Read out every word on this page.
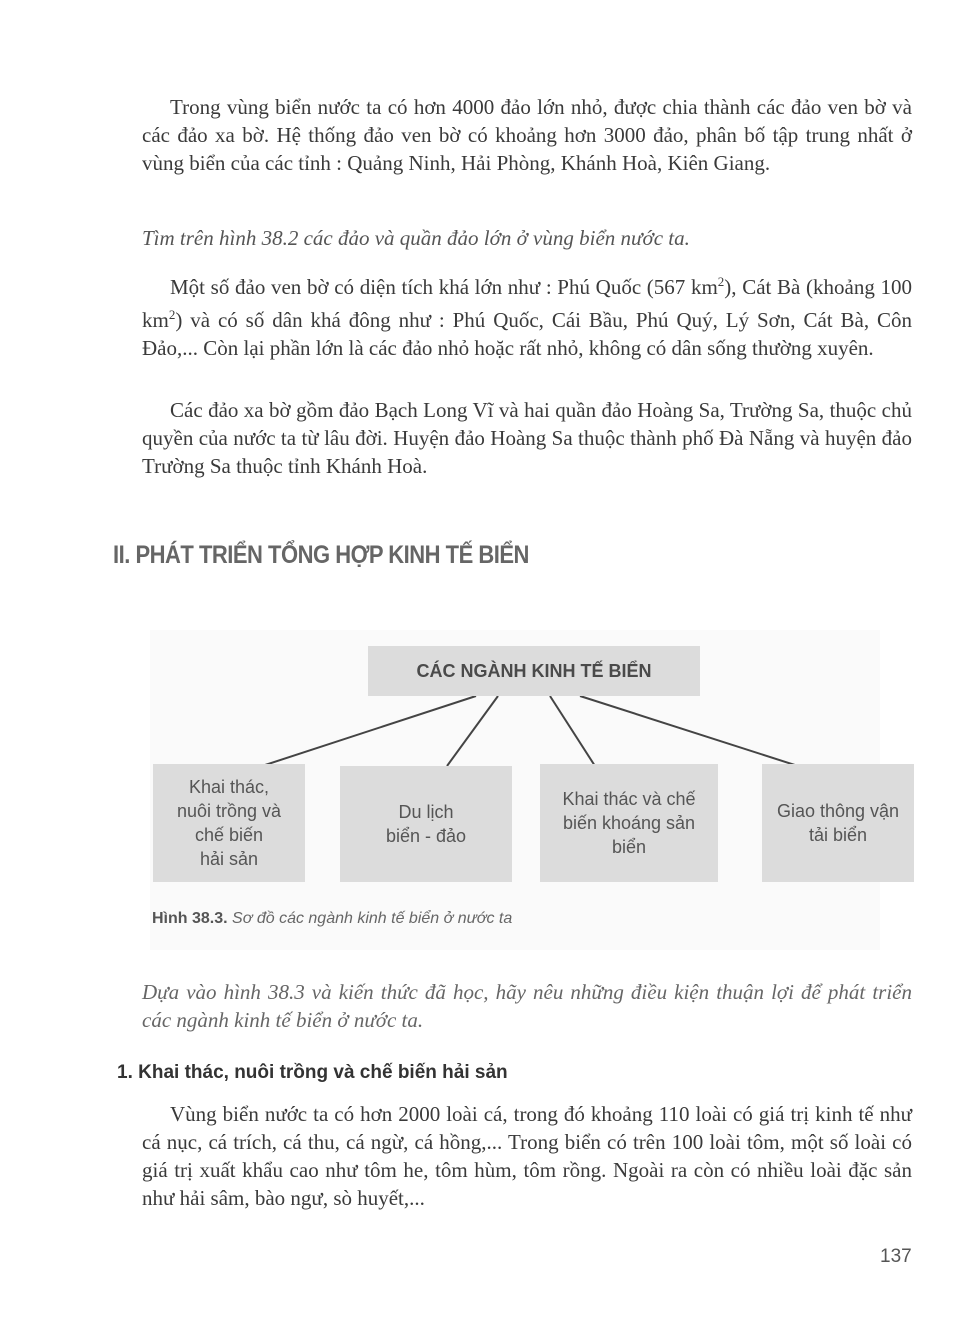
Trong vùng biển nước ta có hơn 4000 đảo lớn nhỏ, được chia thành các đảo ven bờ và các đảo xa bờ. Hệ thống đảo ven bờ có khoảng hơn 3000 đảo, phân bố tập trung nhất ở vùng biển của các tỉnh : Quảng Ninh, Hải Phòng, Khánh Hoà, Kiên Giang.

Tìm trên hình 38.2 các đảo và quần đảo lớn ở vùng biển nước ta.

Một số đảo ven bờ có diện tích khá lớn như : Phú Quốc (567 $km^2$), Cát Bà (khoảng 100 $km^2$) và có số dân khá đông như : Phú Quốc, Cái Bầu, Phú Quý, Lý Sơn, Cát Bà, Côn Đảo,... Còn lại phần lớn là các đảo nhỏ hoặc rất nhỏ, không có dân sống thường xuyên.

Các đảo xa bờ gồm đảo Bạch Long Vĩ và hai quần đảo Hoàng Sa, Trường Sa, thuộc chủ quyền của nước ta từ lâu đời. Huyện đảo Hoàng Sa thuộc thành phố Đà Nẵng và huyện đảo Trường Sa thuộc tỉnh Khánh Hoà.

II. PHÁT TRIỂN TỔNG HỢP KINH TẾ BIỂN
CÁC NGÀNH KINH TẾ BIỂN
Khai thác,
nuôi trồng và
chế biến
hải sản
Du lịch
biển - đảo
Khai thác và chế
biến khoáng sản
biển
Giao thông vận
tải biển
Hình 38.3. Sơ đồ các ngành kinh tế biển ở nước ta

Dựa vào hình 38.3 và kiến thức đã học, hãy nêu những điều kiện thuận lợi để phát triển các ngành kinh tế biển ở nước ta.

1. Khai thác, nuôi trồng và chế biến hải sản

Vùng biển nước ta có hơn 2000 loài cá, trong đó khoảng 110 loài có giá trị kinh tế như cá nục, cá trích, cá thu, cá ngừ, cá hồng,... Trong biển có trên 100 loài tôm, một số loài có giá trị xuất khẩu cao như tôm he, tôm hùm, tôm rồng. Ngoài ra còn có nhiều loài đặc sản như hải sâm, bào ngư, sò huyết,...

137
